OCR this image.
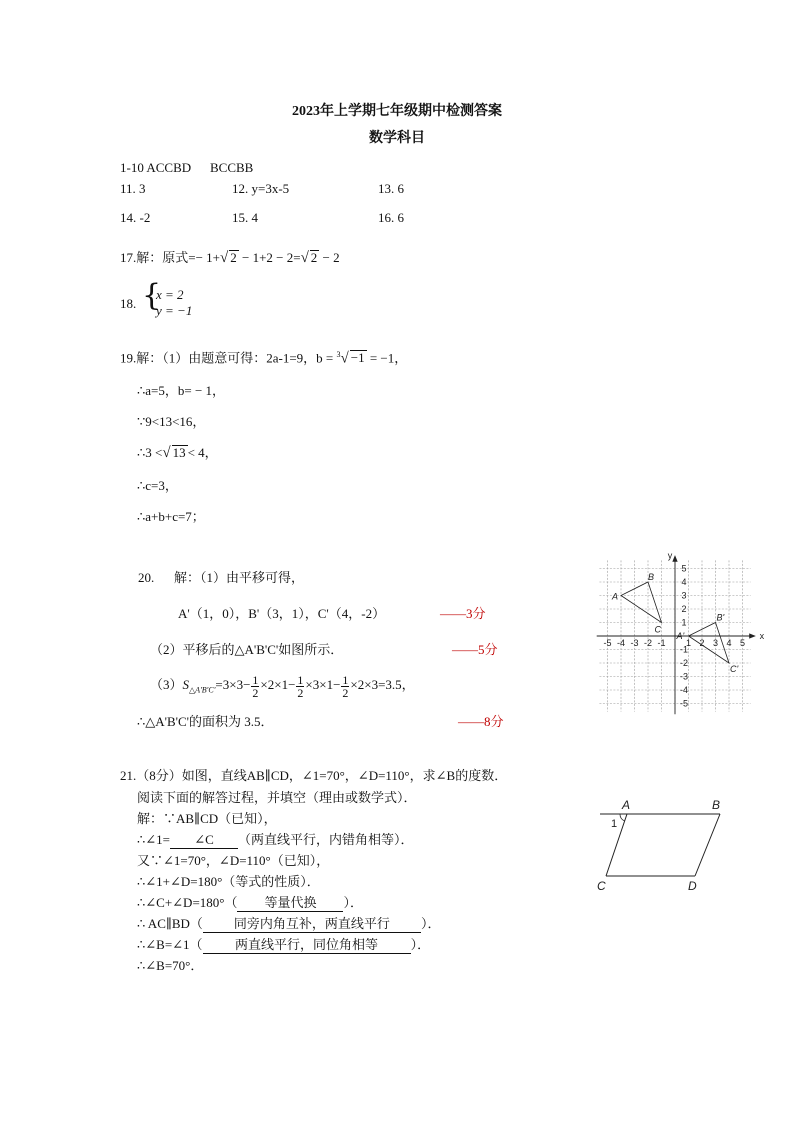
2023年上学期七年级期中检测答案
数学科目
1-10 ACCBD BCCBB
11. 3	12. y=3x-5	13. 6
14. -2	15. 4	16. 6
17.解：原式=− 1+√ 2 − 1+2 − 2=√ 2 − 2
18. {
x = 2
y = −1
19.解：（1）由题意可得：2a-1=9，b = $^3$√ −1 = −1，
∴a=5，b= − 1，
∵9<13<16，
∴3 <√ 13 < 4，
∴c=3，
∴a+b+c=7；
20. 解：（1）由平移可得，
A'（1，0），B'（3，1），C'（4，-2）	——3分
（2）平移后的△A'B'C'如图所示．	——5分
$(3)S_{\triangle A'B'C'}=3\times 3- \frac{1}{2} \times 2\times 1- \frac{1}{2} \times 3\times 1- \frac{1}{2} \times 2\times 3=3.5$，
∴△A'B'C'的面积为 3.5．	——8分
x
y
-5 -4 -3 -2 -1 1 2 3 4 5
5
4
3
2
1
-1
-2
-3
-4
-5
A
B
C
A'
B'
C'
21.（8分）如图，直线AB∥CD，∠1=70°，∠D=110°，求∠B的度数．
阅读下面的解答过程，并填空（理由或数学式）．
解：∵AB∥CD（已知），
∴∠1= ∠C （两直线平行，内错角相等）．
又∵∠1=70°，∠D=110°（已知），
∴∠1+∠D=180°（等式的性质）．
∴∠C+∠D=180°（ 等量代换 ）．
∴ AC∥BD（ 同旁内角互补，两直线平行 ）．
∴∠B=∠1（ 两直线平行，同位角相等	）．
∴∠B=70°．
A	B
C	D
1
